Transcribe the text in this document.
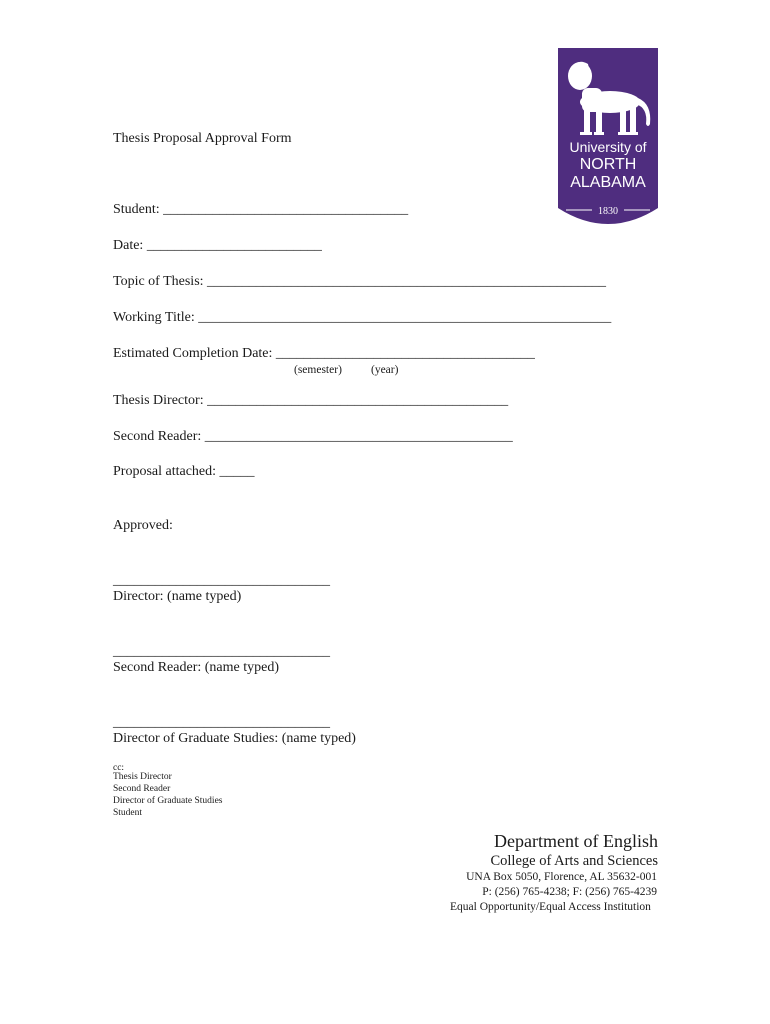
University of
NORTH
ALABAMA
1830
Thesis Proposal Approval Form
Student: ___________________________________
Date: _________________________
Topic of Thesis: _________________________________________________________
Working Title: ___________________________________________________________
Estimated Completion Date: _____________________________________
(semester)	(year)
Thesis Director: ___________________________________________
Second Reader: ____________________________________________
Proposal attached: _____
Approved:
_______________________________
Director: (name typed)
_______________________________
Second Reader: (name typed)
_______________________________
Director of Graduate Studies: (name typed)
cc:
Thesis Director
Second Reader
Director of Graduate Studies
Student
Department of English
College of Arts and Sciences
UNA Box 5050, Florence, AL 35632-001
P: (256) 765-4238; F: (256) 765-4239
Equal Opportunity/Equal Access Institution
